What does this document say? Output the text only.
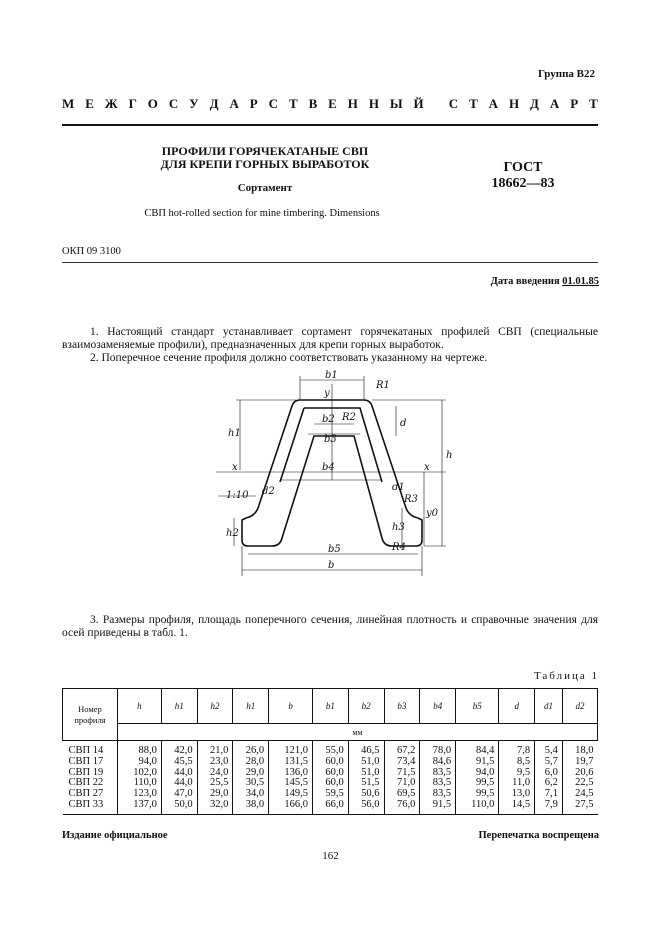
Группа В22
М Е Ж Г О С У Д А Р С Т В Е Н Н Ы Й
С Т А Н Д А Р Т
ПРОФИЛИ ГОРЯЧЕКАТАНЫЕ СВП
ДЛЯ КРЕПИ ГОРНЫХ ВЫРАБОТОК
Сортамент
ГОСТ
18662—83
СВП hot-rolled section for mine timbering. Dimensions
ОКП 09 3100
Дата введения 01.01.85
1. Настоящий стандарт устанавливает сортамент горячекатаных профилей СВП (специальные взаимозаменяемые профили), предназначенных для крепи горных выработок.
2. Поперечное сечение профиля должно соответствовать указанному на чертеже.
b1
y
R1
b2 R2
b3
d
h1
h
x	x
b4
1:10 d2	d1
R3
h2
h3
y0
R4
b5
b
3. Размеры профиля, площадь поперечного сечения, линейная плотность и справочные значения для осей приведены в табл. 1.
Таблица 1
Номер профиля	h	h1	h2	h1	b	b1	b2	b3	b4	b5	d	d1	d2
	мм												
СВП 14	88,0	42,0	21,0	26,0	121,0	55,0	46,5	67,2	78,0	84,4	7,8	5,4	18,0
СВП 17	94,0	45,5	23,0	28,0	131,5	60,0	51,0	73,4	84,6	91,5	8,5	5,7	19,7
СВП 19	102,0	44,0	24,0	29,0	136,0	60,0	51,0	71,5	83,5	94,0	9,5	6,0	20,6
СВП 22	110,0	44,0	25,5	30,5	145,5	60,0	51,5	71,0	83,5	99,5	11,0	6,2	22,5
СВП 27	123,0	47,0	29,0	34,0	149,5	59,5	50,6	69,5	83,5	99,5	13,0	7,1	24,5
СВП 33	137,0	50,0	32,0	38,0	166,0	66,0	56,0	76,0	91,5	110,0	14,5	7,9	27,5
Издание официальное	Перепечатка воспрещена
162
